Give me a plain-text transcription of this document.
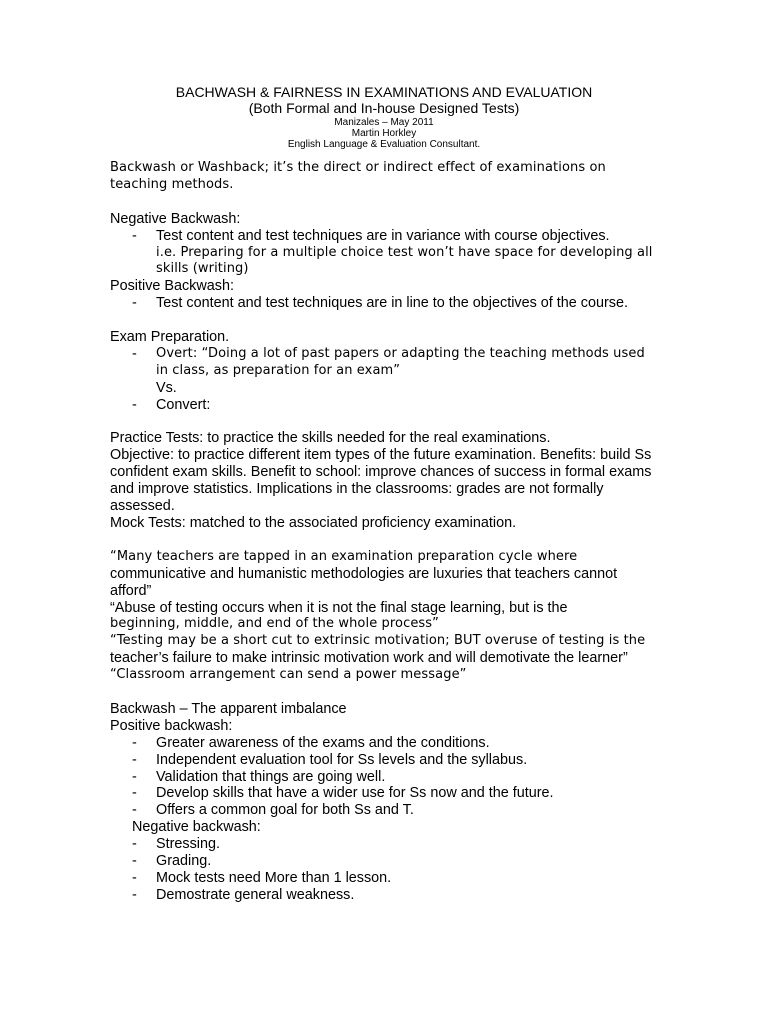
BACHWASH & FAIRNESS IN EXAMINATIONS AND EVALUATION
(Both Formal and In-house Designed Tests)
Manizales – May 2011
Martin Horkley
English Language & Evaluation Consultant.

Backwash or Washback; it’s the direct or indirect effect of examinations on teaching methods.

Negative Backwash:

-	Test content and test techniques are in variance with course objectives.

i.e. Preparing for a multiple choice test won’t have space for developing all skills (writing)

Positive Backwash:

-	Test content and test techniques are in line to the objectives of the course.

Exam Preparation.

-	Overt: “Doing a lot of past papers or adapting the teaching methods used in class, as preparation for an exam”

Vs.

-	Convert:

Practice Tests: to practice the skills needed for the real examinations.

Objective: to practice different item types of the future examination. Benefits: build Ss confident exam skills. Benefit to school: improve chances of success in formal exams and improve statistics. Implications in the classrooms: grades are not formally assessed.

Mock Tests: matched to the associated proficiency examination.

“Many teachers are tapped in an examination preparation cycle where

communicative and humanistic methodologies are luxuries that teachers cannot afford”

“Abuse of testing occurs when it is not the final stage learning, but is the

beginning, middle, and end of the whole process”

“Testing may be a short cut to extrinsic motivation; BUT overuse of testing is the

teacher’s failure to make intrinsic motivation work and will demotivate the learner”

“Classroom arrangement can send a power message”

Backwash – The apparent imbalance

Positive backwash:

-	Greater awareness of the exams and the conditions.
-	Independent evaluation tool for Ss levels and the syllabus.
-	Validation that things are going well.
-	Develop skills that have a wider use for Ss now and the future.
-	Offers a common goal for both Ss and T.

Negative backwash:

-	Stressing.
-	Grading.
-	Mock tests need More than 1 lesson.
-	Demostrate general weakness.
